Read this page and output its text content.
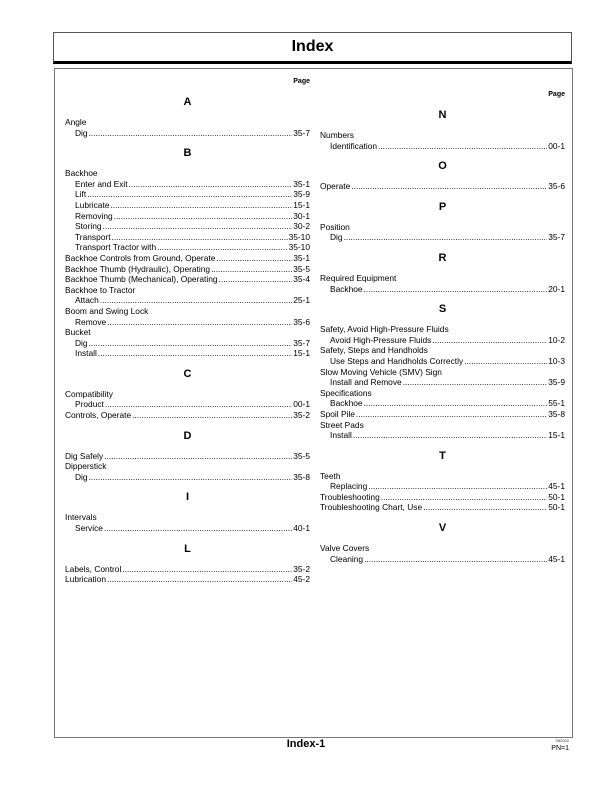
Index
Page
A
Angle
Dig .....	35-7
B
Backhoe
Enter and Exit .....	35-1
Lift .....	35-9
Lubricate .....	15-1
Removing .....	30-1
Storing .....	30-2
Transport .....	35-10
Transport Tractor with .....	35-10
Backhoe Controls from Ground, Operate .....	35-1
Backhoe Thumb (Hydraulic), Operating .....	35-5
Backhoe Thumb (Mechanical), Operating .....	35-4
Backhoe to Tractor
Attach .....	25-1
Boom and Swing Lock
Remove .....	35-6
Bucket
Dig .....	35-7
Install .....	15-1
C
Compatibility
Product .....	00-1
Controls, Operate .....	35-2
D
Dig Safely .....	35-5
Dipperstick
Dig .....	35-8
I
Intervals
Service .....	40-1
L
Labels, Control .....	35-2
Lubrication .....	45-2
Page
N
Numbers
Identification .....	00-1
O
Operate .....	35-6
P
Position
Dig .....	35-7
R
Required Equipment
Backhoe .....	20-1
S
Safety, Avoid High-Pressure Fluids
Avoid High-Pressure Fluids .....	10-2
Safety, Steps and Handholds
Use Steps and Handholds Correctly .....	10-3
Slow Moving Vehicle (SMV) Sign
Install and Remove .....	35-9
Specifications
Backhoe .....	55-1
Spoil Pile .....	35-8
Street Pads
Install .....	15-1
T
Teeth
Replacing .....	45-1
Troubleshooting .....	50-1
Troubleshooting Chart, Use .....	50-1
V
Valve Covers
Cleaning .....	45-1
Index-1	082022
PN=1
